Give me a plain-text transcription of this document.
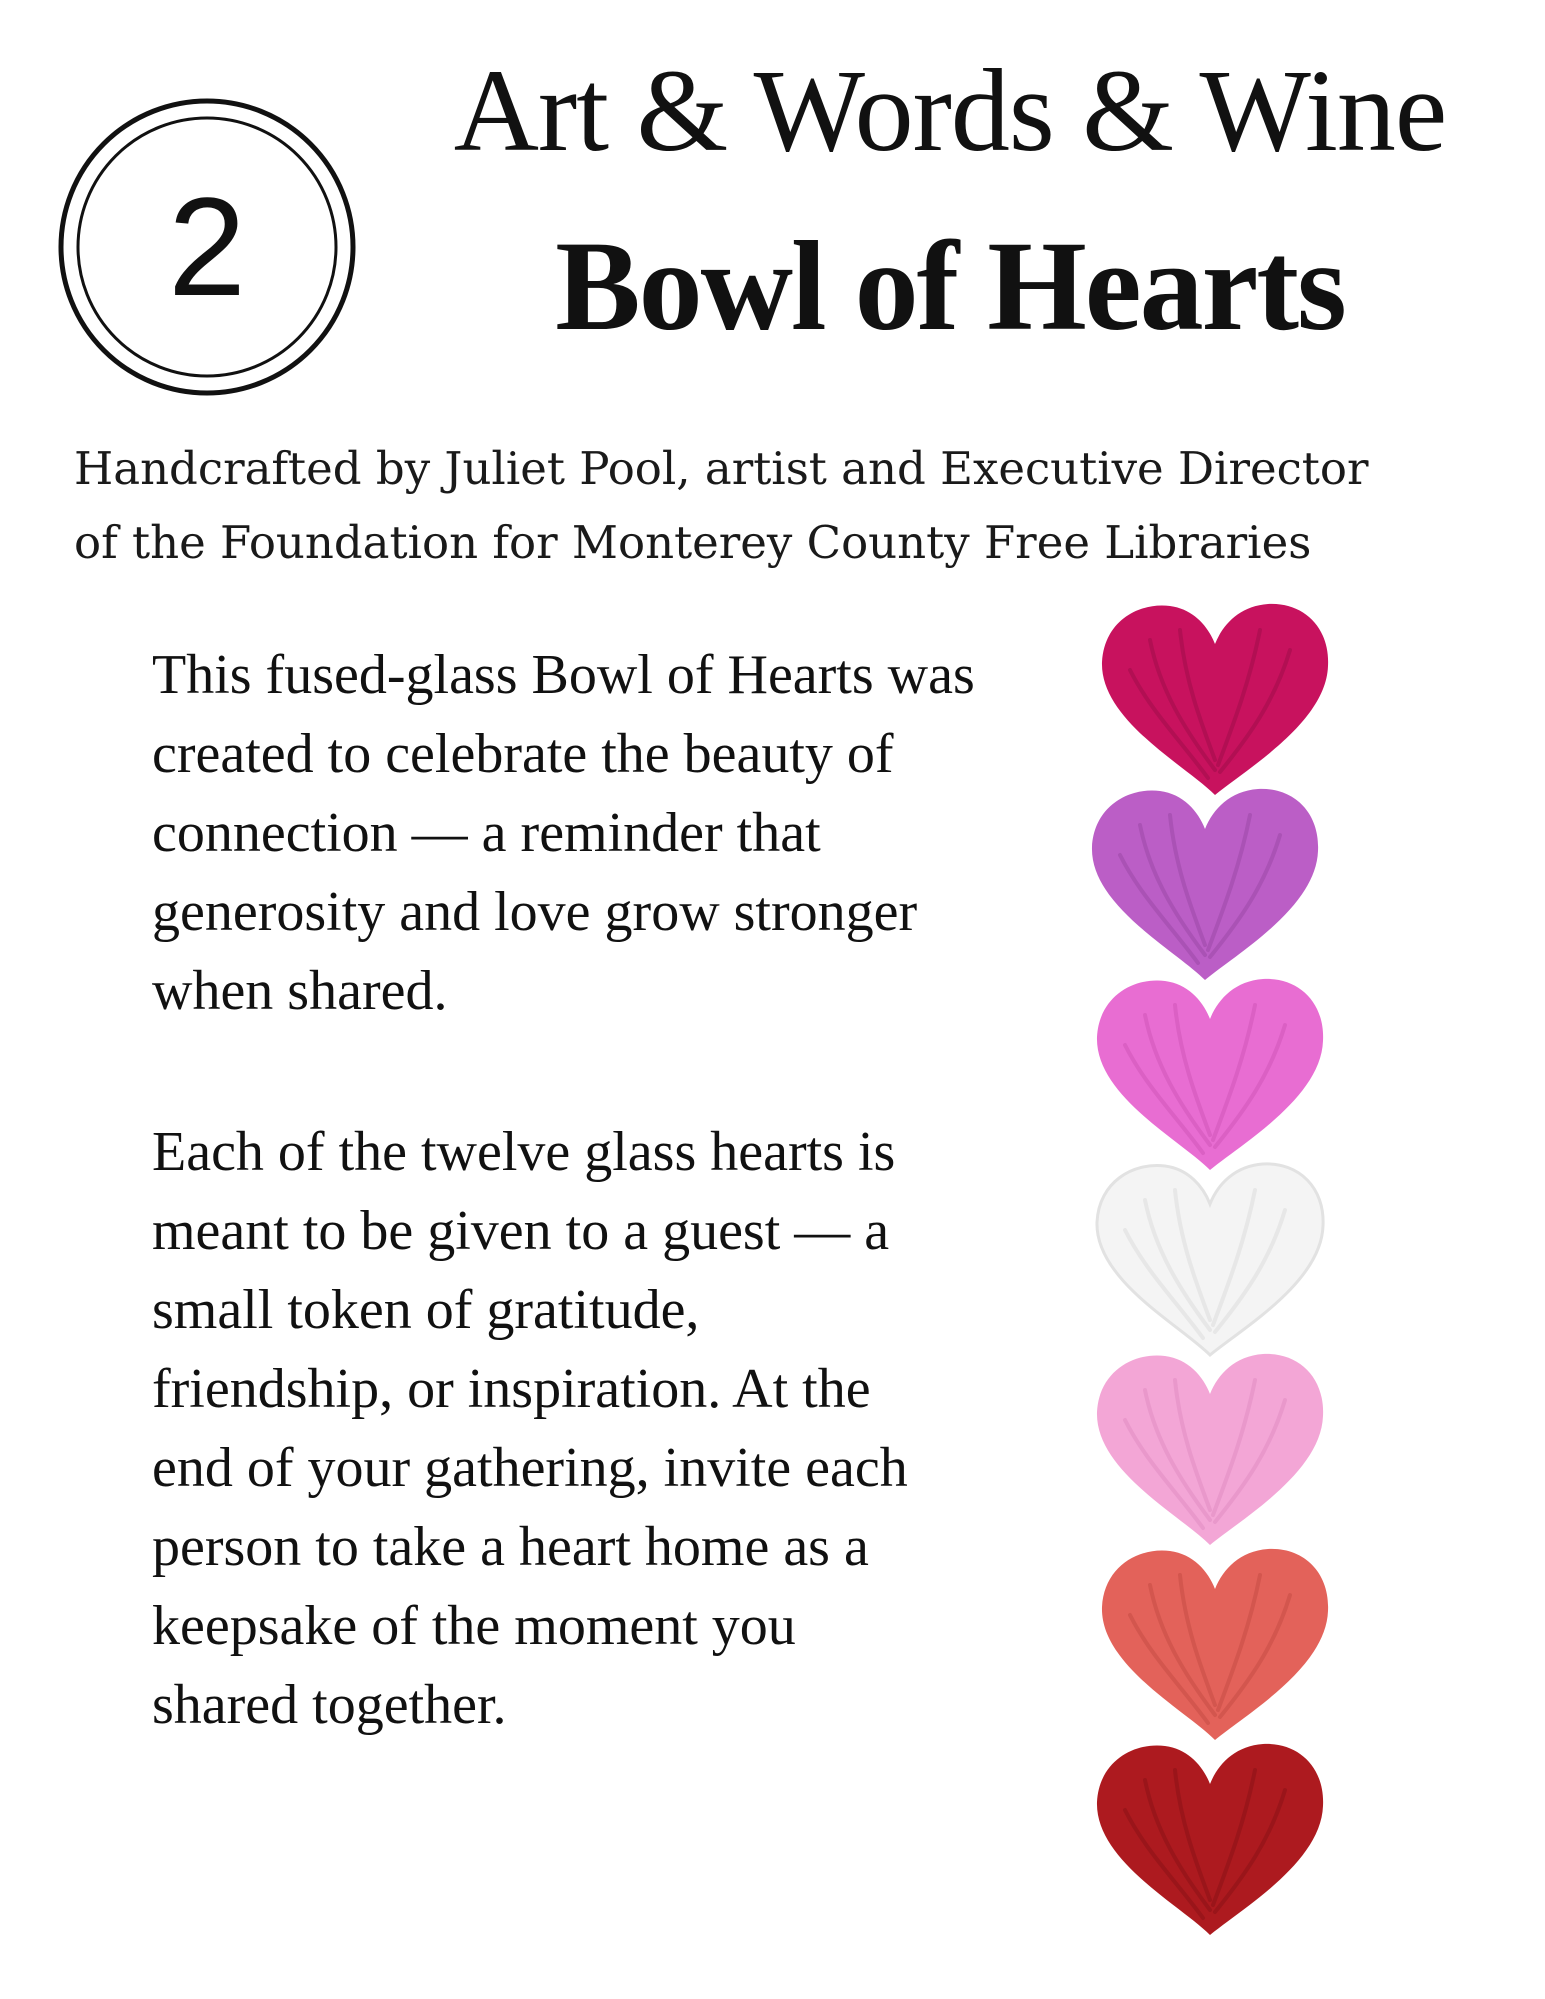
2
Art & Words & Wine
Bowl of Hearts
Handcrafted by Juliet Pool, artist and Executive Director
of the Foundation for Monterey County Free Libraries
This fused-glass Bowl of Hearts was
created to celebrate the beauty of
connection — a reminder that
generosity and love grow stronger
when shared.
Each of the twelve glass hearts is
meant to be given to a guest — a
small token of gratitude,
friendship, or inspiration. At the
end of your gathering, invite each
person to take a heart home as a
keepsake of the moment you
shared together.
